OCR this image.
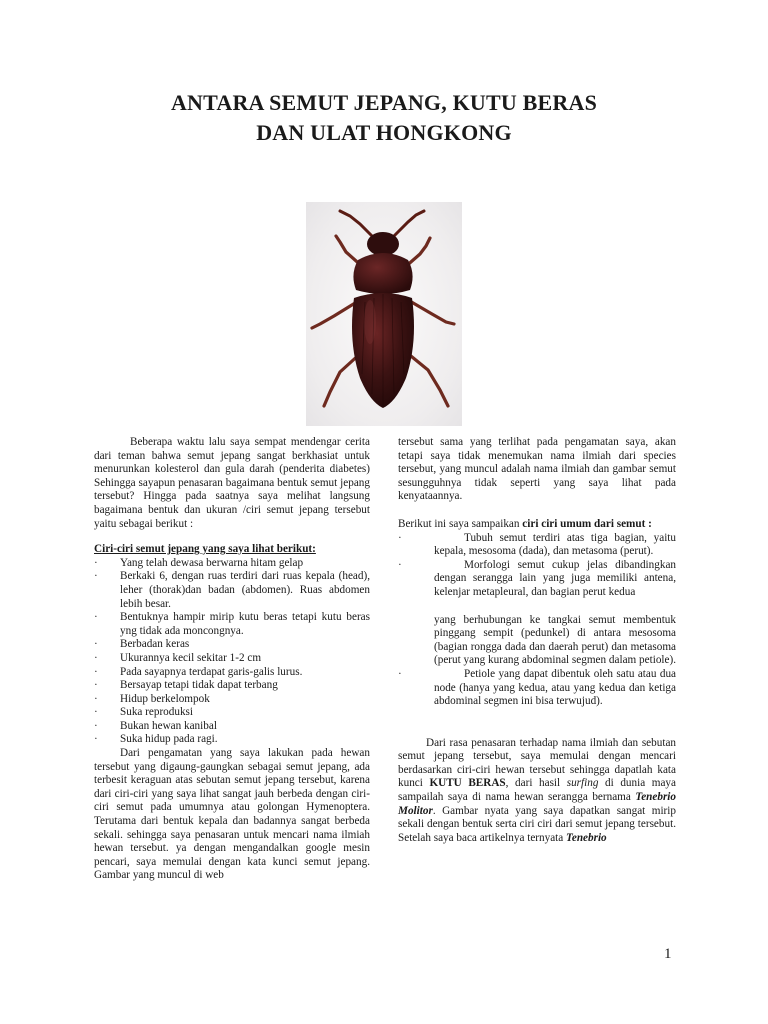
ANTARA SEMUT JEPANG, KUTU BERAS
DAN ULAT HONGKONG

Beberapa waktu lalu saya sempat mendengar cerita dari teman bahwa semut jepang sangat berkhasiat untuk menurunkan kolesterol dan gula darah (penderita diabetes) Sehingga sayapun penasaran bagaimana bentuk semut jepang tersebut? Hingga pada saatnya saya melihat langsung bagaimana bentuk dan ukuran /ciri semut jepang tersebut yaitu sebagai berikut :

Ciri-ciri semut jepang yang saya lihat berikut:

· Yang telah dewasa berwarna hitam gelap
· Berkaki 6, dengan ruas terdiri dari ruas kepala (head), leher (thorak)dan badan (abdomen). Ruas abdomen lebih besar.
· Bentuknya hampir mirip kutu beras tetapi kutu beras yng tidak ada moncongnya.
· Berbadan keras
· Ukurannya kecil sekitar 1-2 cm
· Pada sayapnya terdapat garis-galis lurus.
· Bersayap tetapi tidak dapat terbang
· Hidup berkelompok
· Suka reproduksi
· Bukan hewan kanibal
· Suka hidup pada ragi.

Dari pengamatan yang saya lakukan pada hewan tersebut yang digaung-gaungkan sebagai semut jepang, ada terbesit keraguan atas sebutan semut jepang tersebut, karena dari ciri-ciri yang saya lihat sangat jauh berbeda dengan ciri-ciri semut pada umumnya atau golongan Hymenoptera. Terutama dari bentuk kepala dan badannya sangat berbeda sekali. sehingga saya penasaran untuk mencari nama ilmiah hewan tersebut. ya dengan mengandalkan google mesin pencari, saya memulai dengan kata kunci semut jepang. Gambar yang muncul di web

tersebut sama yang terlihat pada pengamatan saya, akan tetapi saya tidak menemukan nama ilmiah dari species tersebut, yang muncul adalah nama ilmiah dan gambar semut sesungguhnya tidak seperti yang saya lihat pada kenyataannya.

Berikut ini saya sampaikan ciri ciri umum dari semut :

·	Tubuh semut terdiri atas tiga bagian, yaitu kepala, mesosoma (dada), dan metasoma (perut).

·	Morfologi semut cukup jelas dibandingkan dengan serangga lain yang juga memiliki antena, kelenjar metapleural, dan bagian perut kedua

yang berhubungan ke tangkai semut membentuk pinggang sempit (pedunkel) di antara mesosoma (bagian rongga dada dan daerah perut) dan metasoma (perut yang kurang abdominal segmen dalam petiole).

·	Petiole yang dapat dibentuk oleh satu atau dua node (hanya yang kedua, atau yang kedua dan ketiga abdominal segmen ini bisa terwujud).

Dari rasa penasaran terhadap nama ilmiah dan sebutan semut jepang tersebut, saya memulai dengan mencari berdasarkan ciri-ciri hewan tersebut sehingga dapatlah kata kunci KUTU BERAS, dari hasil surfing di dunia maya sampailah saya di nama hewan serangga bernama Tenebrio Molitor. Gambar nyata yang saya dapatkan sangat mirip sekali dengan bentuk serta ciri ciri dari semut jepang tersebut. Setelah saya baca artikelnya ternyata Tenebrio

1
